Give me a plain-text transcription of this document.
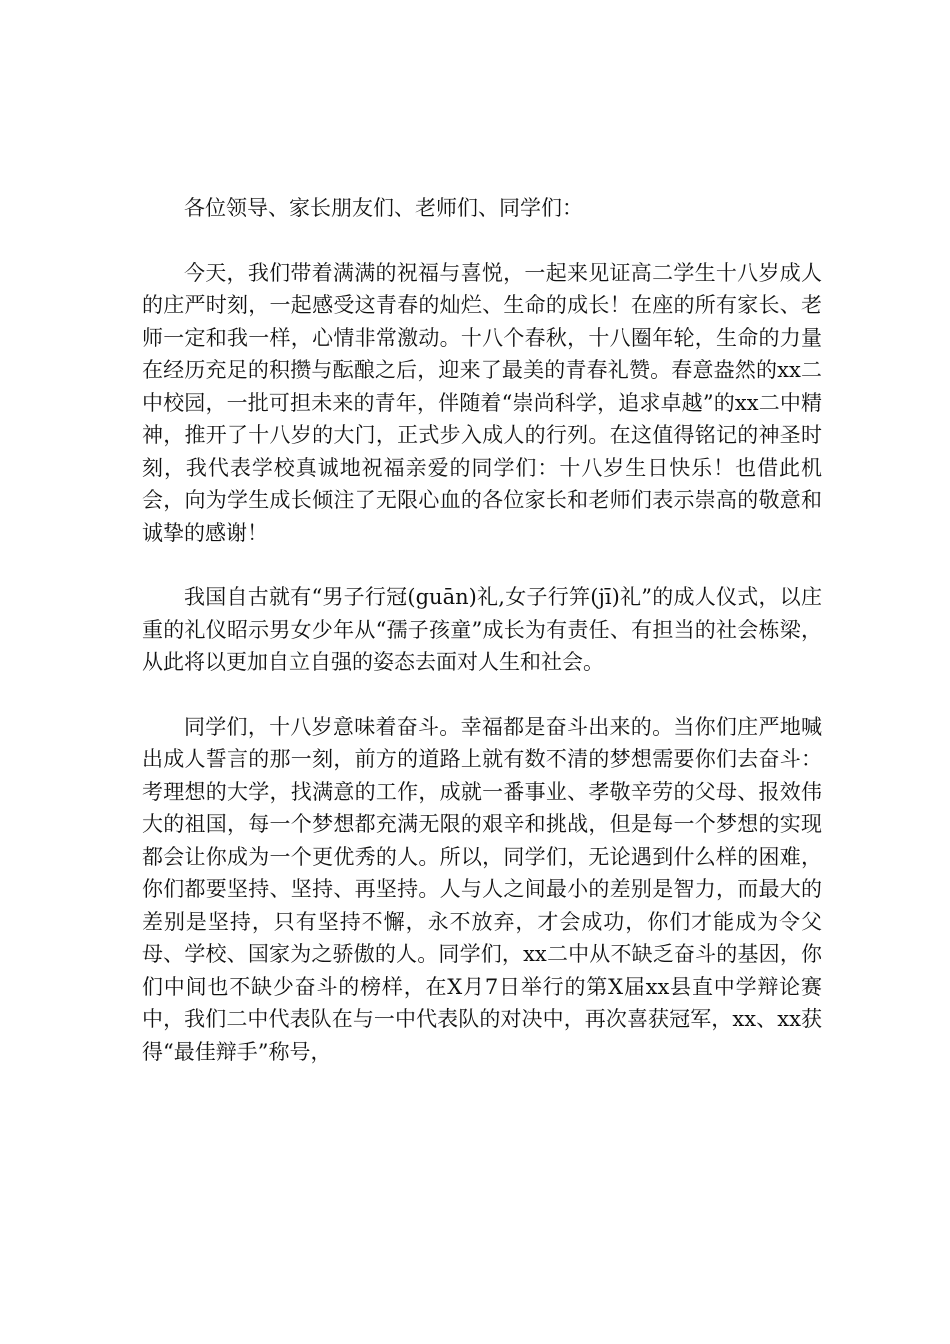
各位领导、家长朋友们、老师们、同学们：

今天，我们带着满满的祝福与喜悦，一起来见证高二学生十八岁成人的庄严时刻，一起感受这青春的灿烂、生命的成长！在座的所有家长、老师一定和我一样，心情非常激动。十八个春秋，十八圈年轮，生命的力量在经历充足的积攒与酝酿之后，迎来了最美的青春礼赞。春意盎然的xx二中校园，一批可担未来的青年，伴随着“崇尚科学，追求卓越”的xx二中精神，推开了十八岁的大门，正式步入成人的行列。在这值得铭记的神圣时刻，我代表学校真诚地祝福亲爱的同学们：十八岁生日快乐！也借此机会，向为学生成长倾注了无限心血的各位家长和老师们表示崇高的敬意和诚挚的感谢！

我国自古就有“男子行冠(guān)礼,女子行笄(jī)礼”的成人仪式，以庄重的礼仪昭示男女少年从“孺子孩童”成长为有责任、有担当的社会栋梁，从此将以更加自立自强的姿态去面对人生和社会。

同学们，十八岁意味着奋斗。幸福都是奋斗出来的。当你们庄严地喊出成人誓言的那一刻，前方的道路上就有数不清的梦想需要你们去奋斗：考理想的大学，找满意的工作，成就一番事业、孝敬辛劳的父母、报效伟大的祖国，每一个梦想都充满无限的艰辛和挑战，但是每一个梦想的实现都会让你成为一个更优秀的人。所以，同学们，无论遇到什么样的困难，你们都要坚持、坚持、再坚持。人与人之间最小的差别是智力，而最大的差别是坚持，只有坚持不懈，永不放弃，才会成功，你们才能成为令父母、学校、国家为之骄傲的人。同学们，xx二中从不缺乏奋斗的基因，你们中间也不缺少奋斗的榜样，在X月7日举行的第X届xx县直中学辩论赛中，我们二中代表队在与一中代表队的对决中，再次喜获冠军，xx、xx获得“最佳辩手”称号，
